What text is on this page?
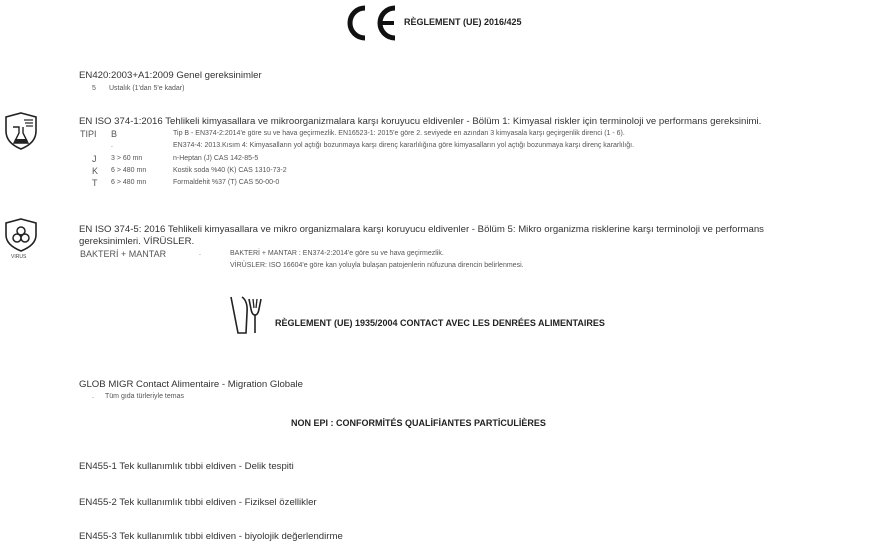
RÈGLEMENT (UE) 2016/425
EN420:2003+A1:2009 Genel gereksinimler
5 Ustalık (1'dan 5'e kadar)
EN ISO 374-1:2016 Tehlikeli kimyasallara ve mikroorganizmalara karşı koruyucu eldivenler - Bölüm 1: Kimyasal riskler için terminoloji ve performans gereksinimi.
TIPI B	Tip B - EN374-2:2014'e göre su ve hava geçirmezlik. EN16523-1: 2015'e göre 2. seviyede en azından 3 kimyasala karşı geçirgenlik direnci (1 - 6).
.	EN374-4: 2013.Kısım 4: Kimyasalların yol açtığı bozunmaya karşı direnç kararlılığına göre kimyasalların yol açtığı bozunmaya karşı direnç kararlılığı.
J 3 > 60 mn	n-Heptan (J) CAS 142-85-5
K 6 > 480 mn	Kostik soda %40 (K) CAS 1310-73-2
T 6 > 480 mn	Formaldehit %37 (T) CAS 50-00-0
VIRUS
EN ISO 374-5: 2016 Tehlikeli kimyasallara ve mikro organizmalara karşı koruyucu eldivenler - Bölüm 5: Mikro organizma risklerine karşı terminoloji ve performans
gereksinimleri. VİRÜSLER.
BAKTERİ + MANTAR	.	BAKTERİ + MANTAR : EN374-2:2014'e göre su ve hava geçirmezlik.
VİRÜSLER: ISO 16604'e göre kan yoluyla bulaşan patojenlerin nüfuzuna direncin belirlenmesi.
RÈGLEMENT (UE) 1935/2004 CONTACT AVEC LES DENRÉES ALIMENTAIRES
GLOB MIGR Contact Alimentaire - Migration Globale
. Tüm gıda türleriyle temas
NON EPI : CONFORMİTÉS QUALİFİANTES PARTİCULİÈRES
EN455-1 Tek kullanımlık tıbbi eldiven - Delik tespiti
EN455-2 Tek kullanımlık tıbbi eldiven - Fiziksel özellikler
EN455-3 Tek kullanımlık tıbbi eldiven - biyolojik değerlendirme
